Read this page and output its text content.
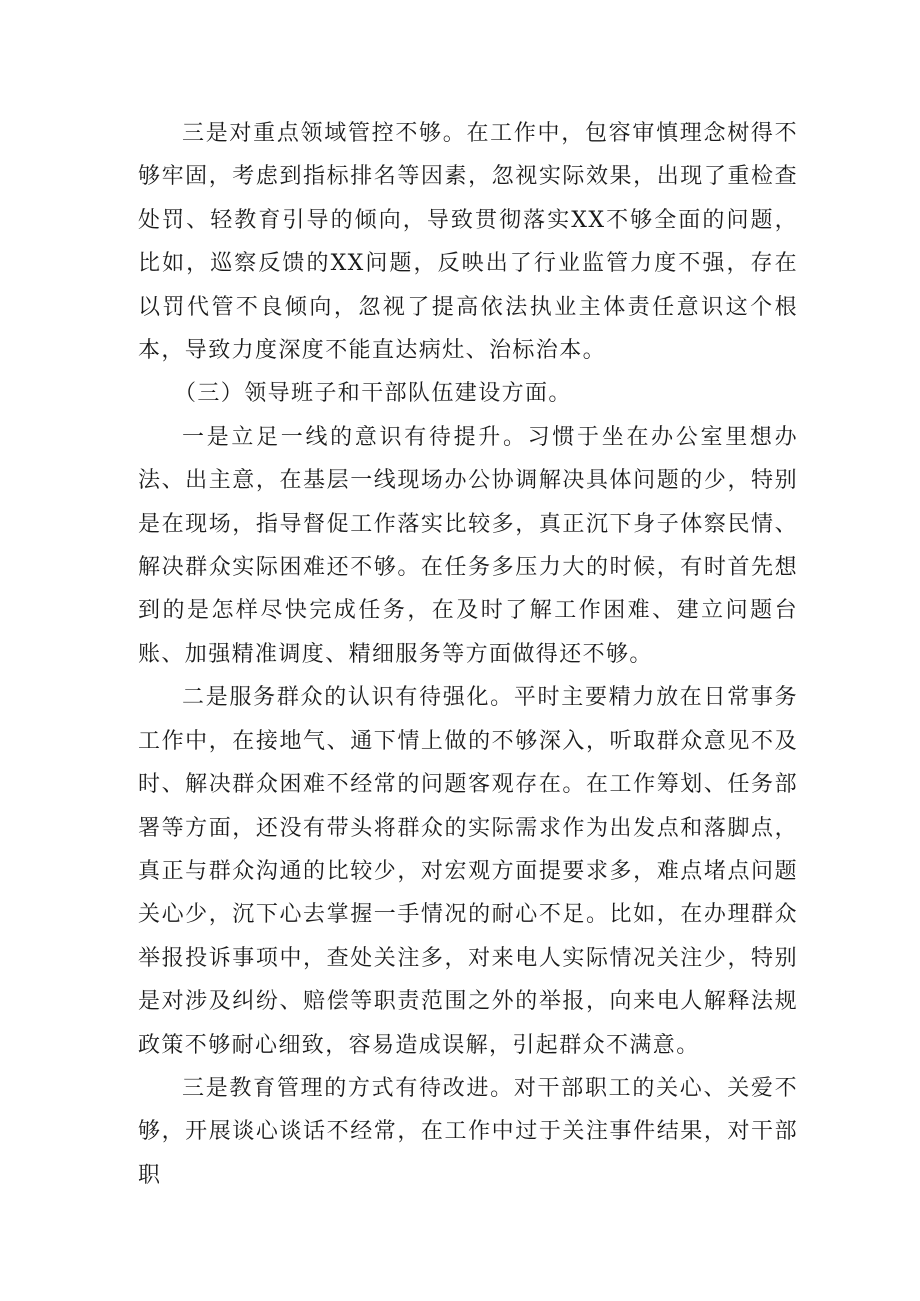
三是对重点领域管控不够。在工作中，包容审慎理念树得不够牢固，考虑到指标排名等因素，忽视实际效果，出现了重检查处罚、轻教育引导的倾向，导致贯彻落实XX不够全面的问题，比如，巡察反馈的XX问题，反映出了行业监管力度不强，存在以罚代管不良倾向，忽视了提高依法执业主体责任意识这个根本，导致力度深度不能直达病灶、治标治本。

（三）领导班子和干部队伍建设方面。

一是立足一线的意识有待提升。习惯于坐在办公室里想办法、出主意，在基层一线现场办公协调解决具体问题的少，特别是在现场，指导督促工作落实比较多，真正沉下身子体察民情、解决群众实际困难还不够。在任务多压力大的时候，有时首先想到的是怎样尽快完成任务，在及时了解工作困难、建立问题台账、加强精准调度、精细服务等方面做得还不够。

二是服务群众的认识有待强化。平时主要精力放在日常事务工作中，在接地气、通下情上做的不够深入，听取群众意见不及时、解决群众困难不经常的问题客观存在。在工作筹划、任务部署等方面，还没有带头将群众的实际需求作为出发点和落脚点，真正与群众沟通的比较少，对宏观方面提要求多，难点堵点问题关心少，沉下心去掌握一手情况的耐心不足。比如，在办理群众举报投诉事项中，查处关注多，对来电人实际情况关注少，特别是对涉及纠纷、赔偿等职责范围之外的举报，向来电人解释法规政策不够耐心细致，容易造成误解，引起群众不满意。

三是教育管理的方式有待改进。对干部职工的关心、关爱不够，开展谈心谈话不经常，在工作中过于关注事件结果，对干部职
